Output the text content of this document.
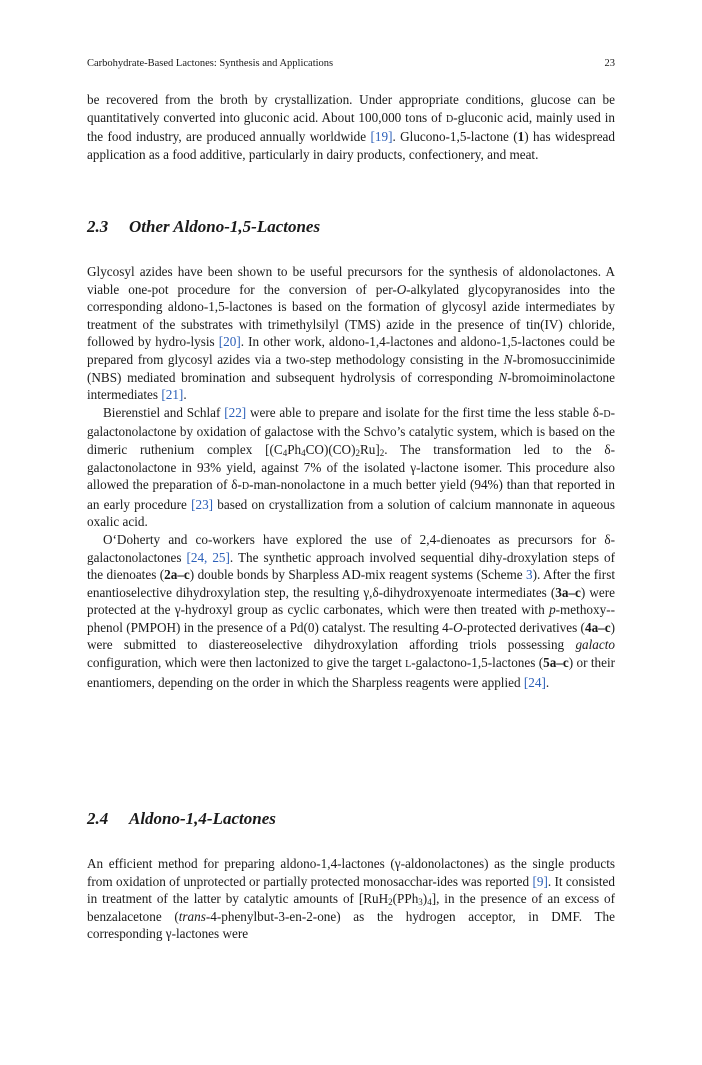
Carbohydrate-Based Lactones: Synthesis and Applications	23

be recovered from the broth by crystallization. Under appropriate conditions, glucose can be quantitatively converted into gluconic acid. About 100,000 tons of D-gluconic acid, mainly used in the food industry, are produced annually worldwide [19]. Glucono-1,5-lactone (1) has widespread application as a food additive, particularly in dairy products, confectionery, and meat.

2.3 Other Aldono-1,5-Lactones

Glycosyl azides have been shown to be useful precursors for the synthesis of aldonolactones. A viable one-pot procedure for the conversion of per-O-alkylated glycopyranosides into the corresponding aldono-1,5-lactones is based on the formation of glycosyl azide intermediates by treatment of the substrates with trimethylsilyl (TMS) azide in the presence of tin(IV) chloride, followed by hydro-lysis [20]. In other work, aldono-1,4-lactones and aldono-1,5-lactones could be prepared from glycosyl azides via a two-step methodology consisting in the N-bromosuccinimide (NBS) mediated bromination and subsequent hydrolysis of corresponding N-bromoiminolactone intermediates [21].

Bierenstiel and Schlaf [22] were able to prepare and isolate for the first time the less stable δ-D-galactonolactone by oxidation of galactose with the Schvo’s catalytic system, which is based on the dimeric ruthenium complex $[(C_4Ph_4CO)(CO)_2Ru]_2$. The transformation led to the δ-galactonolactone in 93% yield, against 7% of the isolated γ-lactone isomer. This procedure also allowed the preparation of δ-D-man-nonolactone in a much better yield (94%) than that reported in an early procedure [23] based on crystallization from a solution of calcium mannonate in aqueous oxalic acid.

O‘Doherty and co-workers have explored the use of 2,4-dienoates as precursors for δ-galactonolactones [24, 25]. The synthetic approach involved sequential dihy-droxylation steps of the dienoates (2a–c) double bonds by Sharpless AD-mix reagent systems (Scheme 3). After the first enantioselective dihydroxylation step, the resulting γ,δ-dihydroxyenoate intermediates (3a–c) were protected at the γ-hydroxyl group as cyclic carbonates, which were then treated with p-methoxy-phenol (PMPOH) in the presence of a Pd(0) catalyst. The resulting 4-O-protected derivatives (4a–c) were submitted to diastereoselective dihydroxylation affording triols possessing galacto configuration, which were then lactonized to give the target L-galactono-1,5-lactones (5a–c) or their enantiomers, depending on the order in which the Sharpless reagents were applied [24].

2.4 Aldono-1,4-Lactones

An efficient method for preparing aldono-1,4-lactones (γ-aldonolactones) as the single products from oxidation of unprotected or partially protected monosacchar-ides was reported [9]. It consisted in treatment of the latter by catalytic amounts of $[RuH_2(PPh_3)_4]$, in the presence of an excess of benzalacetone (trans-4-phenylbut-3-en-2-one) as the hydrogen acceptor, in DMF. The corresponding γ-lactones were
